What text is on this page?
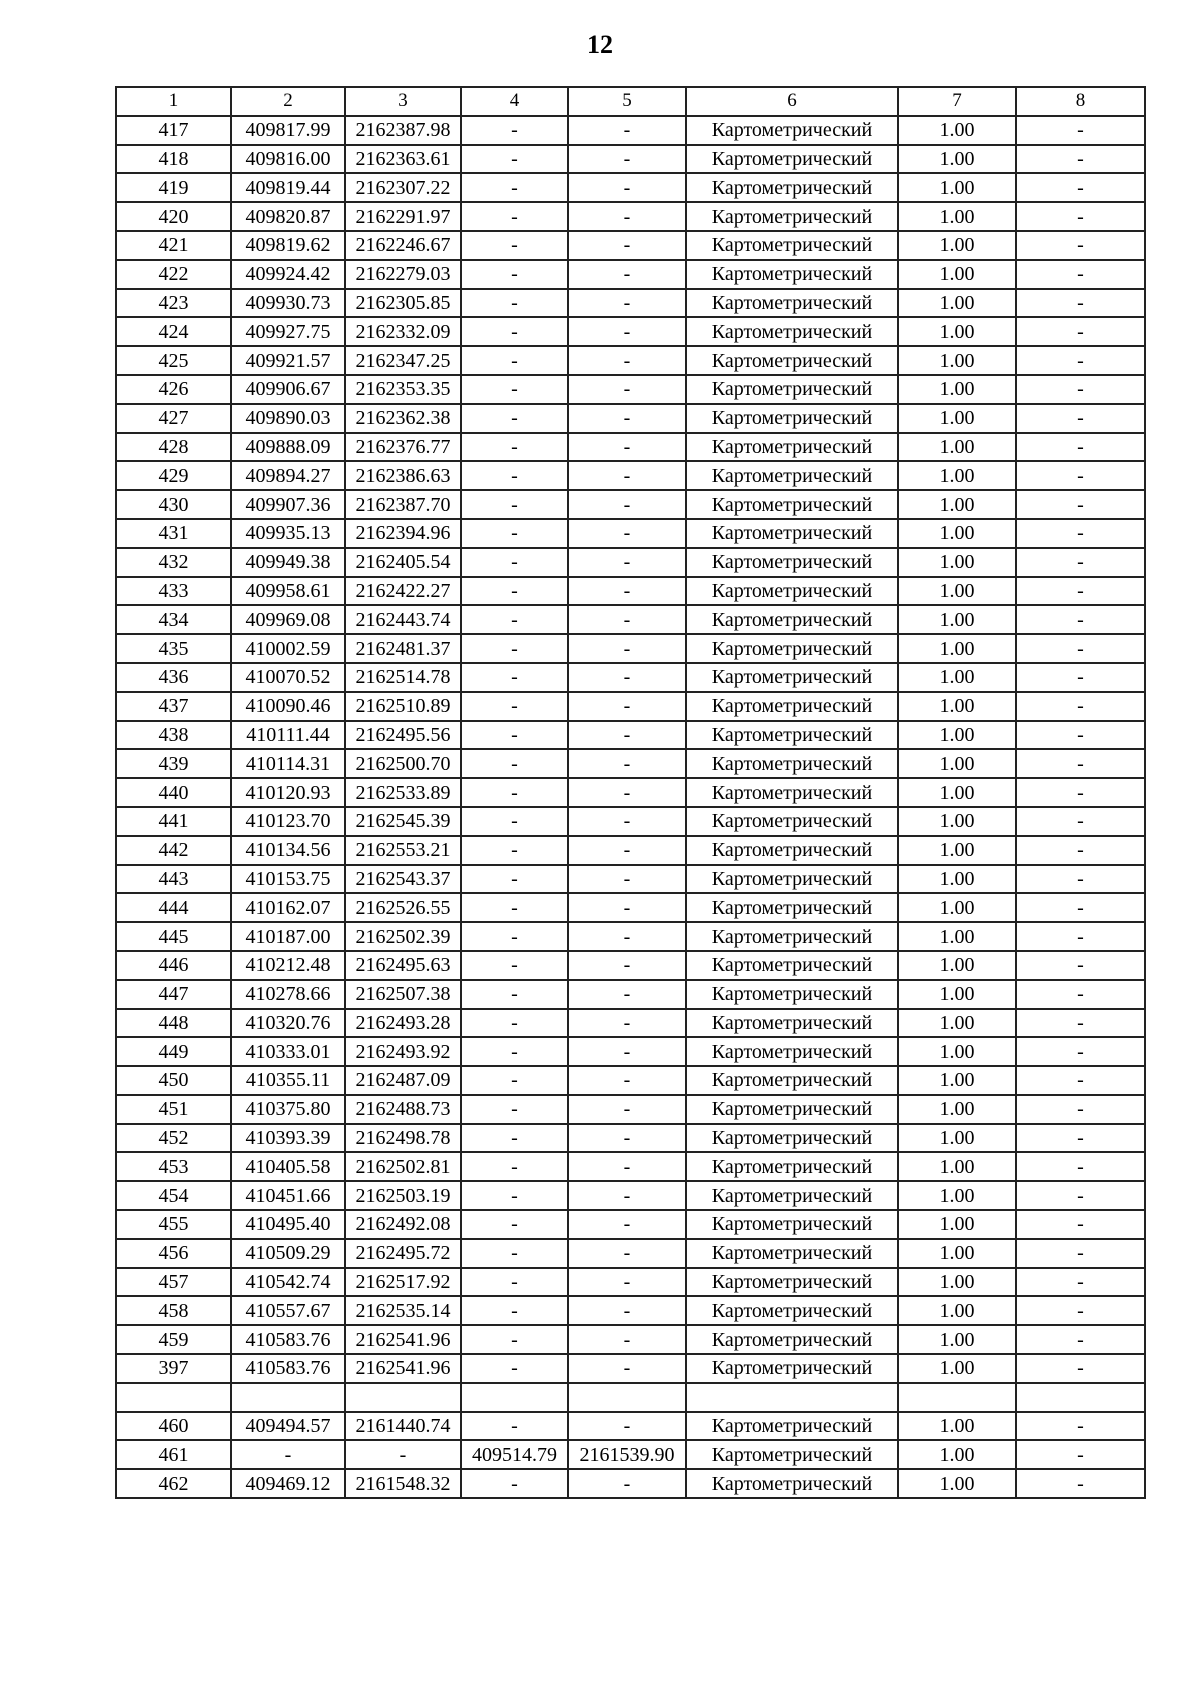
12
1	2	3	4	5	6	7	8
417	409817.99	2162387.98	-	-	Картометрический	1.00	-
418	409816.00	2162363.61	-	-	Картометрический	1.00	-
419	409819.44	2162307.22	-	-	Картометрический	1.00	-
420	409820.87	2162291.97	-	-	Картометрический	1.00	-
421	409819.62	2162246.67	-	-	Картометрический	1.00	-
422	409924.42	2162279.03	-	-	Картометрический	1.00	-
423	409930.73	2162305.85	-	-	Картометрический	1.00	-
424	409927.75	2162332.09	-	-	Картометрический	1.00	-
425	409921.57	2162347.25	-	-	Картометрический	1.00	-
426	409906.67	2162353.35	-	-	Картометрический	1.00	-
427	409890.03	2162362.38	-	-	Картометрический	1.00	-
428	409888.09	2162376.77	-	-	Картометрический	1.00	-
429	409894.27	2162386.63	-	-	Картометрический	1.00	-
430	409907.36	2162387.70	-	-	Картометрический	1.00	-
431	409935.13	2162394.96	-	-	Картометрический	1.00	-
432	409949.38	2162405.54	-	-	Картометрический	1.00	-
433	409958.61	2162422.27	-	-	Картометрический	1.00	-
434	409969.08	2162443.74	-	-	Картометрический	1.00	-
435	410002.59	2162481.37	-	-	Картометрический	1.00	-
436	410070.52	2162514.78	-	-	Картометрический	1.00	-
437	410090.46	2162510.89	-	-	Картометрический	1.00	-
438	410111.44	2162495.56	-	-	Картометрический	1.00	-
439	410114.31	2162500.70	-	-	Картометрический	1.00	-
440	410120.93	2162533.89	-	-	Картометрический	1.00	-
441	410123.70	2162545.39	-	-	Картометрический	1.00	-
442	410134.56	2162553.21	-	-	Картометрический	1.00	-
443	410153.75	2162543.37	-	-	Картометрический	1.00	-
444	410162.07	2162526.55	-	-	Картометрический	1.00	-
445	410187.00	2162502.39	-	-	Картометрический	1.00	-
446	410212.48	2162495.63	-	-	Картометрический	1.00	-
447	410278.66	2162507.38	-	-	Картометрический	1.00	-
448	410320.76	2162493.28	-	-	Картометрический	1.00	-
449	410333.01	2162493.92	-	-	Картометрический	1.00	-
450	410355.11	2162487.09	-	-	Картометрический	1.00	-
451	410375.80	2162488.73	-	-	Картометрический	1.00	-
452	410393.39	2162498.78	-	-	Картометрический	1.00	-
453	410405.58	2162502.81	-	-	Картометрический	1.00	-
454	410451.66	2162503.19	-	-	Картометрический	1.00	-
455	410495.40	2162492.08	-	-	Картометрический	1.00	-
456	410509.29	2162495.72	-	-	Картометрический	1.00	-
457	410542.74	2162517.92	-	-	Картометрический	1.00	-
458	410557.67	2162535.14	-	-	Картометрический	1.00	-
459	410583.76	2162541.96	-	-	Картометрический	1.00	-
397	410583.76	2162541.96	-	-	Картометрический	1.00	-

460	409494.57	2161440.74	-	-	Картометрический	1.00	-
461	-	-	409514.79	2161539.90	Картометрический	1.00	-
462	409469.12	2161548.32	-	-	Картометрический	1.00	-
